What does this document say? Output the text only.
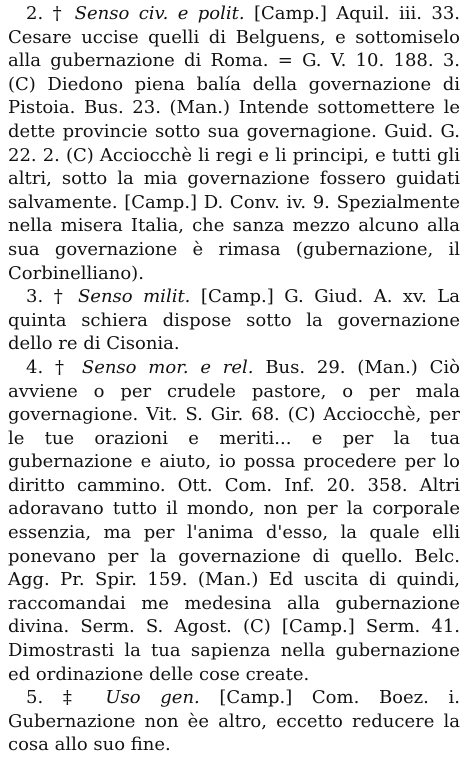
2. † Senso civ. e polit. [Camp.] Aquil. iii. 33. Cesare uccise quelli di Belguens, e sottomiselo alla gubernazione di Roma. = G. V. 10. 188. 3. (C) Diedono piena balía della governazione di Pistoia. Bus. 23. (Man.) Intende sottomettere le dette provincie sotto sua governagione. Guid. G. 22. 2. (C) Acciocchè li regi e li principi, e tutti gli altri, sotto la mia governazione fossero guidati salvamente. [Camp.] D. Conv. iv. 9. Spezialmente nella misera Italia, che sanza mezzo alcuno alla sua governazione è rimasa (gubernazione, il Corbinelliano).

3. † Senso milit. [Camp.] G. Giud. A. xv. La quinta schiera dispose sotto la governazione dello re di Cisonia.

4. † Senso mor. e rel. Bus. 29. (Man.) Ciò avviene o per crudele pastore, o per mala governagione. Vit. S. Gir. 68. (C) Acciocchè, per le tue orazioni e meriti... e per la tua gubernazione e aiuto, io possa procedere per lo diritto cammino. Ott. Com. Inf. 20. 358. Altri adoravano tutto il mondo, non per la corporale essenzia, ma per l'anima d'esso, la quale elli ponevano per la governazione di quello. Belc. Agg. Pr. Spir. 159. (Man.) Ed uscita di quindi, raccomandai me medesina alla gubernazione divina. Serm. S. Agost. (C) [Camp.] Serm. 41. Dimostrasti la tua sapienza nella gubernazione ed ordinazione delle cose create.

5. ‡ Uso gen. [Camp.] Com. Boez. i. Gubernazione non èe altro, eccetto reducere la cosa allo suo fine.
